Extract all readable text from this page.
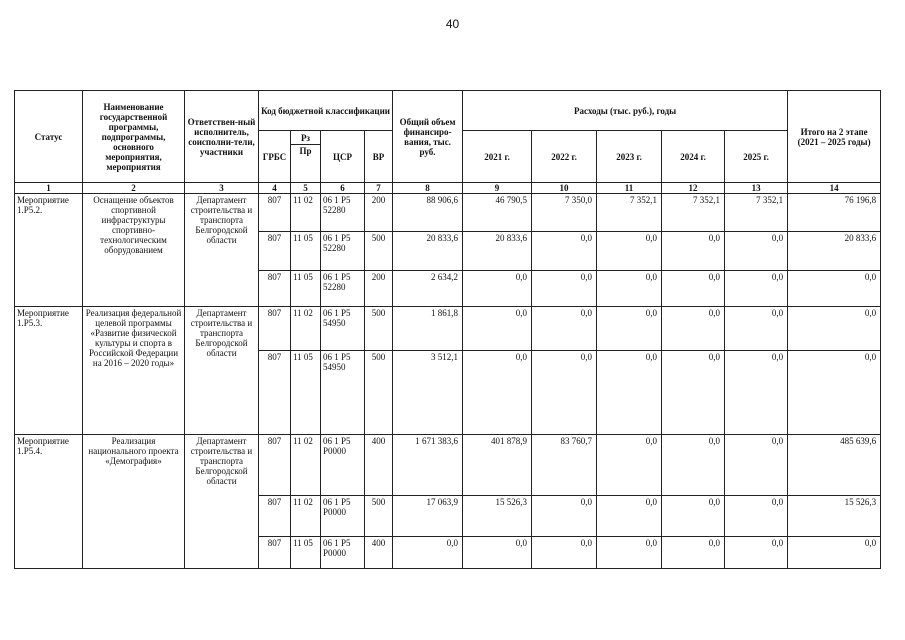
40
Статус	Наименование государственной программы, подпрограммы, основного мероприятия, мероприятия	Ответствен-ный исполнитель, соисполни-тели, участники	Код бюджетной классификации				Общий объем финансиро-вания, тыс. руб.	Расходы (тыс. руб.), годы					Итого на 2 этапе (2021 – 2025 годы)
			ГРБС	Рз	ЦСР	ВР		2021 г.	2022 г.	2023 г.	2024 г.	2025 г.	
				Пр									
1	2	3	4	5	6	7	8	9	10	11	12	13	14
Мероприятие 1.Р5.2.	Оснащение объектов спортивной инфраструктуры спортивно-технологическим оборудованием	Департамент строительства и транспорта Белгородской области	807	11 02	06 1 Р5 52280	200	88 906,6	46 790,5	7 350,0	7 352,1	7 352,1	7 352,1	76 196,8
			807	11 05	06 1 Р5 52280	500	20 833,6	20 833,6	0,0	0,0	0,0	0,0	20 833,6
			807	11 05	06 1 Р5 52280	200	2 634,2	0,0	0,0	0,0	0,0	0,0	0,0
Мероприятие 1.Р5.3.	Реализация федеральной целевой программы «Развитие физической культуры и спорта в Российской Федерации на 2016 – 2020 годы»	Департамент строительства и транспорта Белгородской области	807	11 02	06 1 Р5 54950	500	1 861,8	0,0	0,0	0,0	0,0	0,0	0,0
			807	11 05	06 1 Р5 54950	500	3 512,1	0,0	0,0	0,0	0,0	0,0	0,0
Мероприятие 1.Р5.4.	Реализация национального проекта «Демография»	Департамент строительства и транспорта Белгородской области	807	11 02	06 1 Р5 Р0000	400	1 671 383,6	401 878,9	83 760,7	0,0	0,0	0,0	485 639,6
			807	11 02	06 1 Р5 Р0000	500	17 063,9	15 526,3	0,0	0,0	0,0	0,0	15 526,3
			807	11 05	06 1 Р5 Р0000	400	0,0	0,0	0,0	0,0	0,0	0,0	0,0
